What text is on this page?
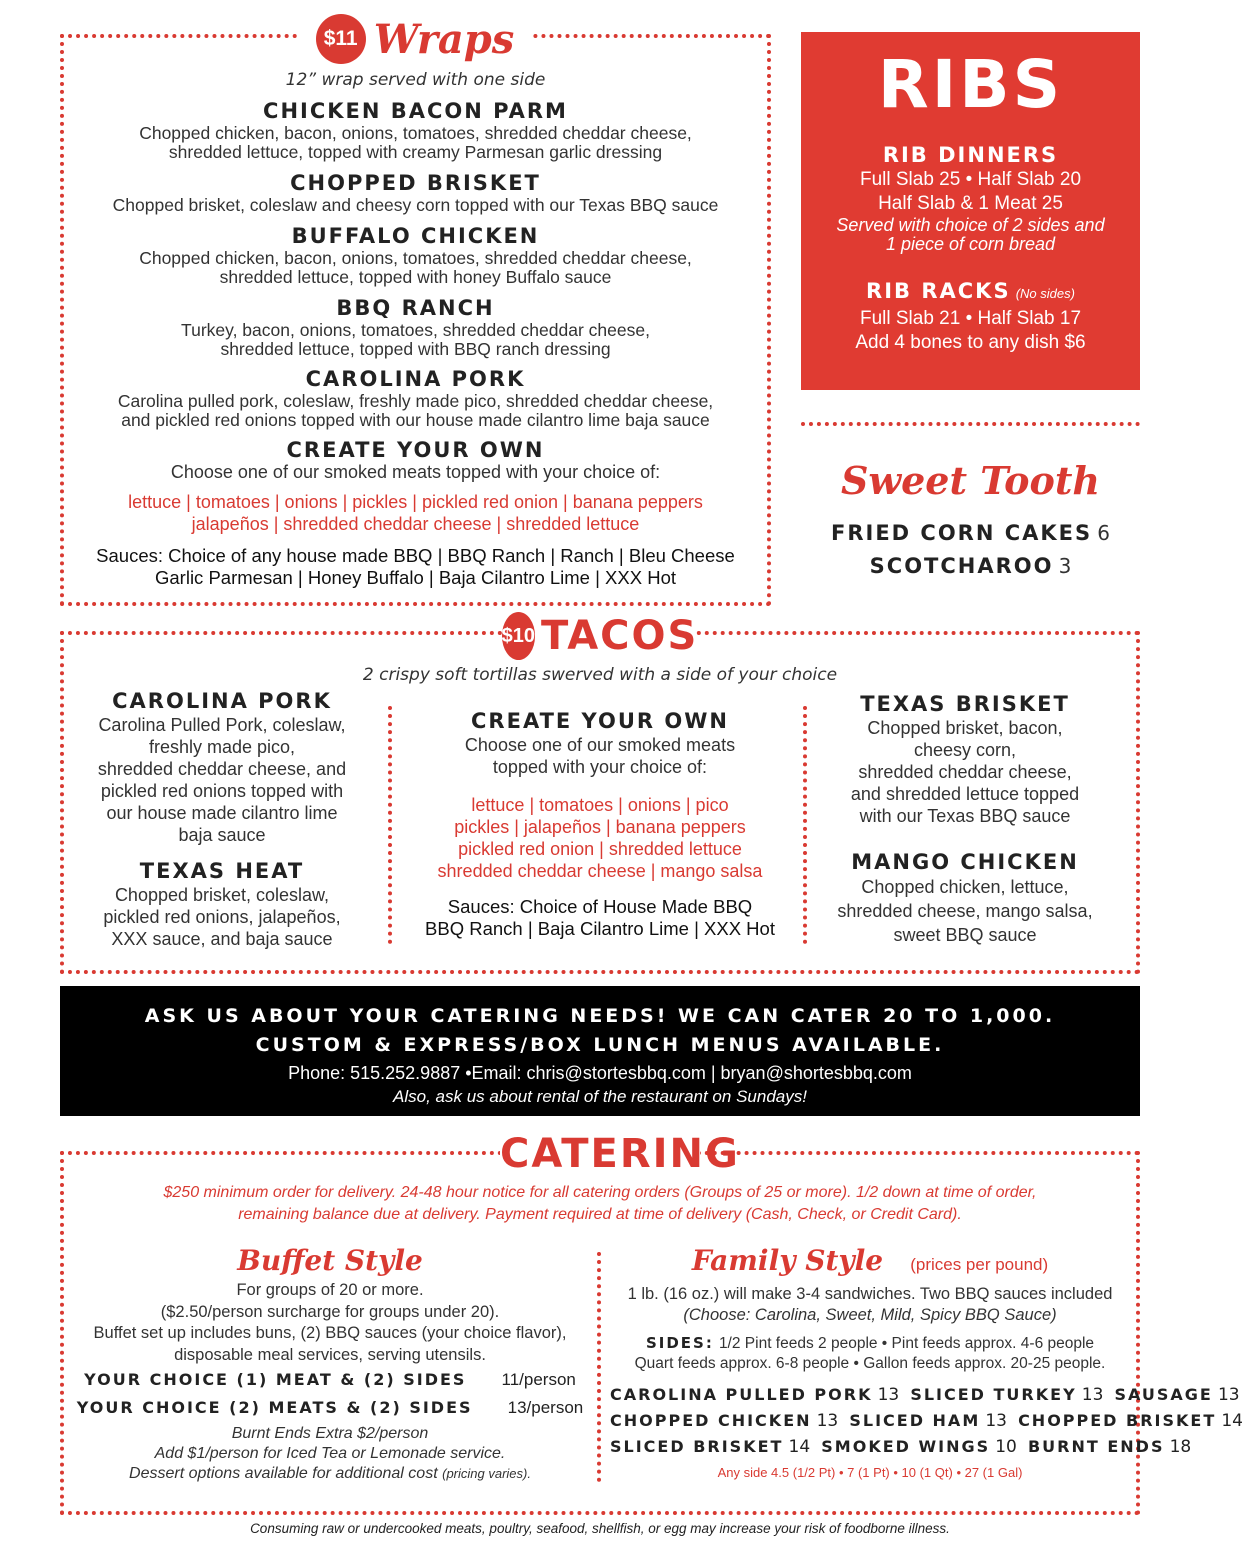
$11 Wraps
12” wrap served with one side
CHICKEN BACON PARM
Chopped chicken, bacon, onions, tomatoes, shredded cheddar cheese,
shredded lettuce, topped with creamy Parmesan garlic dressing
CHOPPED BRISKET
Chopped brisket, coleslaw and cheesy corn topped with our Texas BBQ sauce
BUFFALO CHICKEN
Chopped chicken, bacon, onions, tomatoes, shredded cheddar cheese,
shredded lettuce, topped with honey Buffalo sauce
BBQ RANCH
Turkey, bacon, onions, tomatoes, shredded cheddar cheese,
shredded lettuce, topped with BBQ ranch dressing
CAROLINA PORK
Carolina pulled pork, coleslaw, freshly made pico, shredded cheddar cheese,
and pickled red onions topped with our house made cilantro lime baja sauce
CREATE YOUR OWN
Choose one of our smoked meats topped with your choice of:
lettuce | tomatoes | onions | pickles | pickled red onion | banana peppers
jalapeños | shredded cheddar cheese | shredded lettuce
Sauces: Choice of any house made BBQ | BBQ Ranch | Ranch | Bleu Cheese
Garlic Parmesan | Honey Buffalo | Baja Cilantro Lime | XXX Hot
RIBS
RIB DINNERS
Full Slab 25 • Half Slab 20
Half Slab & 1 Meat 25
Served with choice of 2 sides and
1 piece of corn bread
RIB RACKS (No sides)
Full Slab 21 • Half Slab 17
Add 4 bones to any dish $6
Sweet Tooth
FRIED CORN CAKES 6
SCOTCHAROO 3
$10 TACOS
2 crispy soft tortillas swerved with a side of your choice
CAROLINA PORK
Carolina Pulled Pork, coleslaw,
freshly made pico,
shredded cheddar cheese, and
pickled red onions topped with
our house made cilantro lime
baja sauce
TEXAS HEAT
Chopped brisket, coleslaw,
pickled red onions, jalapeños,
XXX sauce, and baja sauce
CREATE YOUR OWN
Choose one of our smoked meats
topped with your choice of:
lettuce | tomatoes | onions | pico
pickles | jalapeños | banana peppers
pickled red onion | shredded lettuce
shredded cheddar cheese | mango salsa
Sauces: Choice of House Made BBQ
BBQ Ranch | Baja Cilantro Lime | XXX Hot
TEXAS BRISKET
Chopped brisket, bacon,
cheesy corn,
shredded cheddar cheese,
and shredded lettuce topped
with our Texas BBQ sauce
MANGO CHICKEN
Chopped chicken, lettuce,
shredded cheese, mango salsa,
sweet BBQ sauce
ASK US ABOUT YOUR CATERING NEEDS! WE CAN CATER 20 TO 1,000.
CUSTOM & EXPRESS/BOX LUNCH MENUS AVAILABLE.
Phone: 515.252.9887 •Email: chris@stortesbbq.com | bryan@shortesbbq.com
Also, ask us about rental of the restaurant on Sundays!
CATERING
$250 minimum order for delivery. 24-48 hour notice for all catering orders (Groups of 25 or more). 1/2 down at time of order,
remaining balance due at delivery. Payment required at time of delivery (Cash, Check, or Credit Card).
Buffet Style
For groups of 20 or more.
($2.50/person surcharge for groups under 20).
Buffet set up includes buns, (2) BBQ sauces (your choice flavor),
disposable meal services, serving utensils.
YOUR CHOICE (1) MEAT & (2) SIDES 11/person
YOUR CHOICE (2) MEATS & (2) SIDES 13/person
Burnt Ends Extra $2/person
Add $1/person for Iced Tea or Lemonade service.
Dessert options available for additional cost (pricing varies).
Family Style (prices per pound)
1 lb. (16 oz.) will make 3-4 sandwiches. Two BBQ sauces included
(Choose: Carolina, Sweet, Mild, Spicy BBQ Sauce)
SIDES: 1/2 Pint feeds 2 people • Pint feeds approx. 4-6 people
Quart feeds approx. 6-8 people • Gallon feeds approx. 20-25 people.
CAROLINA PULLED PORK 13 SLICED TURKEY 13 SAUSAGE 13
CHOPPED CHICKEN 13 SLICED HAM 13 CHOPPED BRISKET 14
SLICED BRISKET 14 SMOKED WINGS 10 BURNT ENDS 18
Any side 4.5 (1/2 Pt) • 7 (1 Pt) • 10 (1 Qt) • 27 (1 Gal)
Consuming raw or undercooked meats, poultry, seafood, shellfish, or egg may increase your risk of foodborne illness.
